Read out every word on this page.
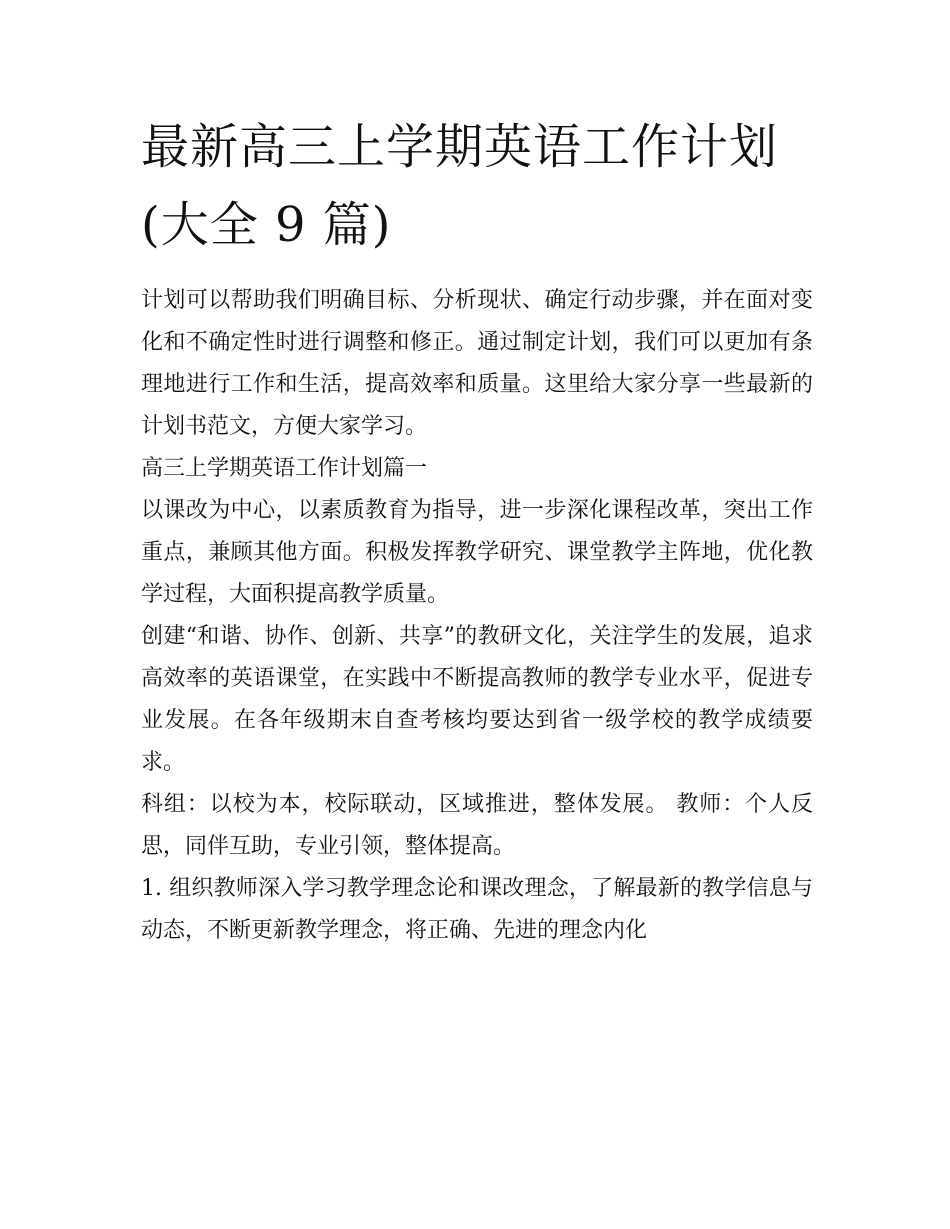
最新高三上学期英语工作计划(大全 9 篇)

计划可以帮助我们明确目标、分析现状、确定行动步骤，并在面对变化和不确定性时进行调整和修正。通过制定计划，我们可以更加有条理地进行工作和生活，提高效率和质量。这里给大家分享一些最新的计划书范文，方便大家学习。

高三上学期英语工作计划篇一

以课改为中心，以素质教育为指导，进一步深化课程改革，突出工作重点，兼顾其他方面。积极发挥教学研究、课堂教学主阵地，优化教学过程，大面积提高教学质量。

创建“和谐、协作、创新、共享”的教研文化，关注学生的发展，追求高效率的英语课堂，在实践中不断提高教师的教学专业水平，促进专业发展。在各年级期末自查考核均要达到省一级学校的教学成绩要求。

科组：以校为本，校际联动，区域推进，整体发展。 教师：个人反思，同伴互助，专业引领，整体提高。

1. 组织教师深入学习教学理念论和课改理念，了解最新的教学信息与动态，不断更新教学理念，将正确、先进的理念内化
